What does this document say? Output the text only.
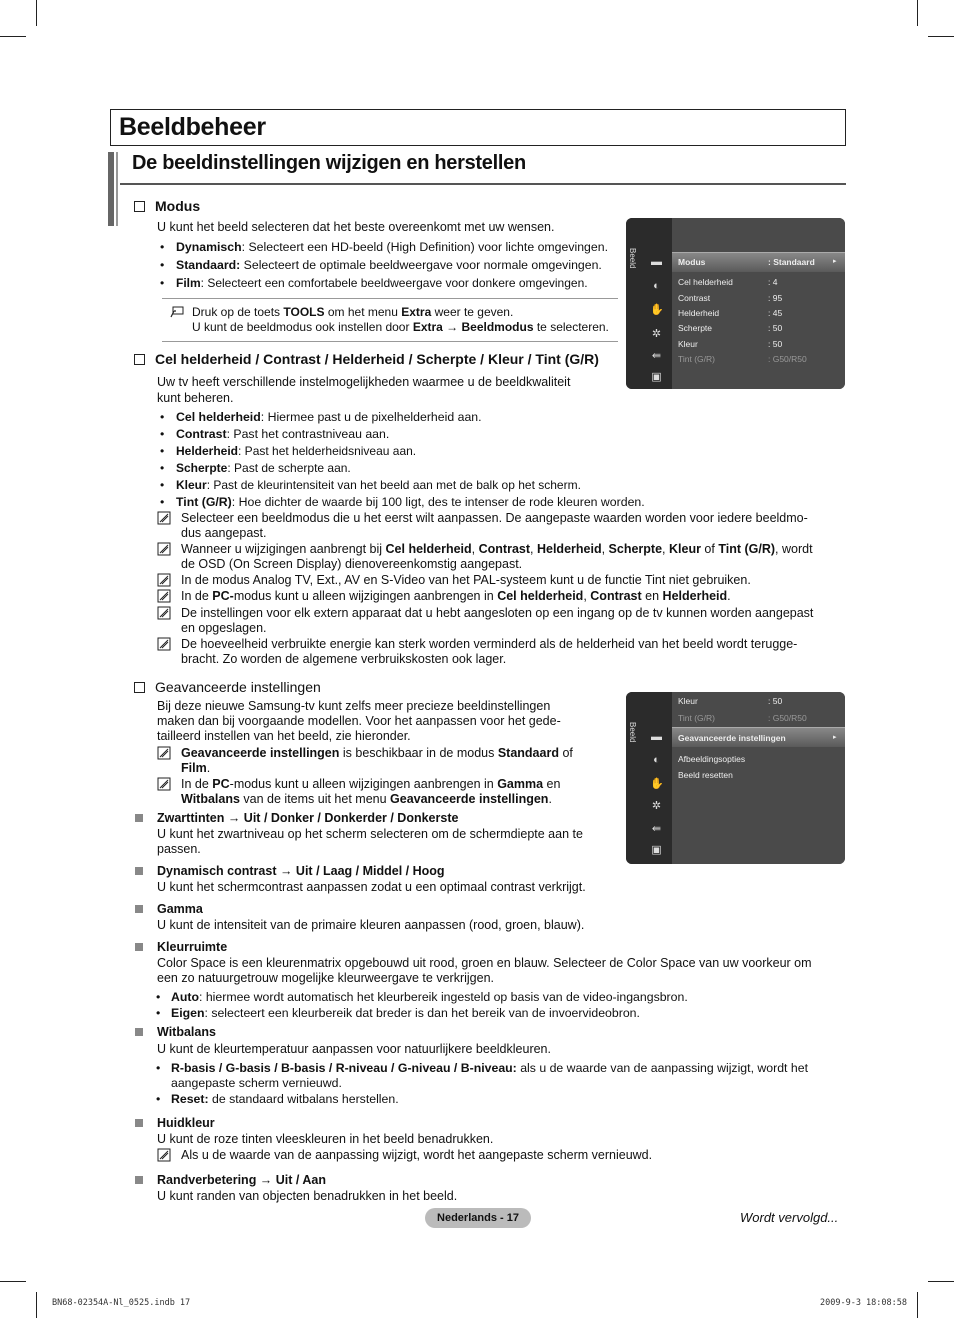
Beeldbeheer
De beeldinstellingen wijzigen en herstellen
Modus
U kunt het beeld selecteren dat het beste overeenkomt met uw wensen.
• Dynamisch: Selecteert een HD-beeld (High Definition) voor lichte omgevingen.
• Standaard: Selecteert de optimale beeldweergave voor normale omgevingen.
• Film: Selecteert een comfortabele beeldweergave voor donkere omgevingen.
Druk op de toets TOOLS om het menu Extra weer te geven.
U kunt de beeldmodus ook instellen door Extra → Beeldmodus te selecteren.
Beeld ▬
◐
✋
✲
⇚
▣
Modus	: Standaard	▸
Cel helderheid	: 4
Contrast	: 95
Helderheid	: 45
Scherpte	: 50
Kleur	: 50
Tint (G/R)	: G50/R50
Cel helderheid / Contrast / Helderheid / Scherpte / Kleur / Tint (G/R)
Uw tv heeft verschillende instelmogelijkheden waarmee u de beeldkwaliteit
kunt beheren.
• Cel helderheid: Hiermee past u de pixelhelderheid aan.
• Contrast: Past het contrastniveau aan.
• Helderheid: Past het helderheidsniveau aan.
• Scherpte: Past de scherpte aan.
• Kleur: Past de kleurintensiteit van het beeld aan met de balk op het scherm.
• Tint (G/R): Hoe dichter de waarde bij 100 ligt, des te intenser de rode kleuren worden.
Selecteer een beeldmodus die u het eerst wilt aanpassen. De aangepaste waarden worden voor iedere beeldmo-
dus aangepast.
Wanneer u wijzigingen aanbrengt bij Cel helderheid, Contrast, Helderheid, Scherpte, Kleur of Tint (G/R), wordt
de OSD (On Screen Display) dienovereenkomstig aangepast.
In de modus Analog TV, Ext., AV en S-Video van het PAL-systeem kunt u de functie Tint niet gebruiken.
In de PC-modus kunt u alleen wijzigingen aanbrengen in Cel helderheid, Contrast en Helderheid.
De instellingen voor elk extern apparaat dat u hebt aangesloten op een ingang op de tv kunnen worden aangepast
en opgeslagen.
De hoeveelheid verbruikte energie kan sterk worden verminderd als de helderheid van het beeld wordt terugge-
bracht. Zo worden de algemene verbruikskosten ook lager.
Geavanceerde instellingen
Bij deze nieuwe Samsung-tv kunt zelfs meer precieze beeldinstellingen
maken dan bij voorgaande modellen. Voor het aanpassen voor het gede-
tailleerd instellen van het beeld, zie hieronder.
Geavanceerde instellingen is beschikbaar in de modus Standaard of
Film.
In de PC-modus kunt u alleen wijzigingen aanbrengen in Gamma en
Witbalans van de items uit het menu Geavanceerde instellingen.
Beeld ▬
◐
✋
✲
⇚
▣
Kleur	: 50
Tint (G/R)	: G50/R50
Geavanceerde instellingen	▸
Afbeeldingsopties
Beeld resetten
Zwarttinten → Uit / Donker / Donkerder / Donkerste
U kunt het zwartniveau op het scherm selecteren om de schermdiepte aan te
passen.
Dynamisch contrast → Uit / Laag / Middel / Hoog
U kunt het schermcontrast aanpassen zodat u een optimaal contrast verkrijgt.
Gamma
U kunt de intensiteit van de primaire kleuren aanpassen (rood, groen, blauw).
Kleurruimte
Color Space is een kleurenmatrix opgebouwd uit rood, groen en blauw. Selecteer de Color Space van uw voorkeur om
een zo natuurgetrouw mogelijke kleurweergave te verkrijgen.
• Auto: hiermee wordt automatisch het kleurbereik ingesteld op basis van de video-ingangsbron.
• Eigen: selecteert een kleurbereik dat breder is dan het bereik van de invoervideobron.
Witbalans
U kunt de kleurtemperatuur aanpassen voor natuurlijkere beeldkleuren.
• R-basis / G-basis / B-basis / R-niveau / G-niveau / B-niveau: als u de waarde van de aanpassing wijzigt, wordt het
aangepaste scherm vernieuwd.
• Reset: de standaard witbalans herstellen.
Huidkleur
U kunt de roze tinten vleeskleuren in het beeld benadrukken.
Als u de waarde van de aanpassing wijzigt, wordt het aangepaste scherm vernieuwd.
Randverbetering → Uit / Aan
U kunt randen van objecten benadrukken in het beeld.
Nederlands - 17	Wordt vervolgd...
BN68-02354A-Nl_0525.indb 17	2009-9-3 18:08:58
